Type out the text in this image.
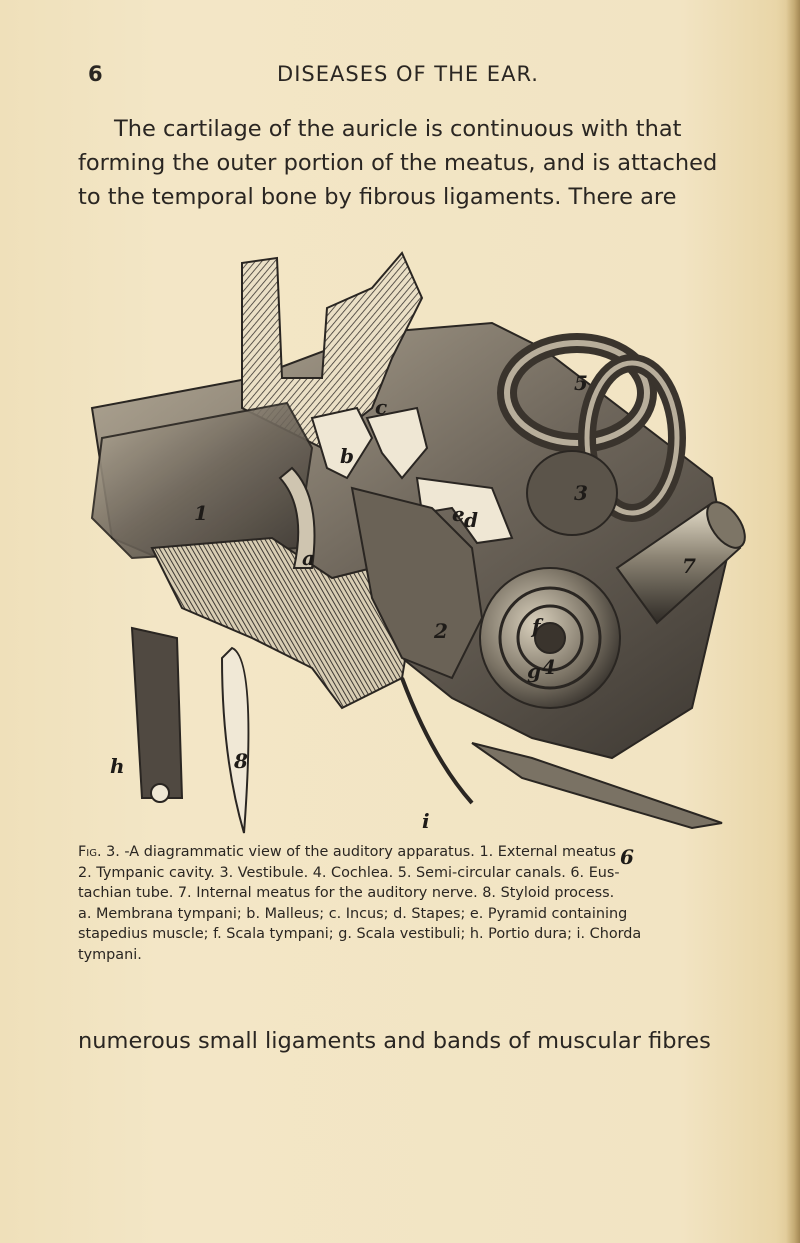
6	DISEASES OF THE EAR.
The cartilage of the auricle is continuous with that
forming the outer portion of the meatus, and is attached
to the temporal bone by fibrous ligaments. There are
1
2
3
4
5
6
7
8
a
b
c
d
e
f
g
h
i
Fig. 3. -A diagrammatic view of the auditory apparatus. 1. External meatus
2. Tympanic cavity. 3. Vestibule. 4. Cochlea. 5. Semi-circular canals. 6. Eus-
tachian tube. 7. Internal meatus for the auditory nerve. 8. Styloid process.
a. Membrana tympani; b. Malleus; c. Incus; d. Stapes; e. Pyramid containing
stapedius muscle; f. Scala tympani; g. Scala vestibuli; h. Portio dura; i. Chorda
tympani.
numerous small ligaments and bands of muscular fibres
